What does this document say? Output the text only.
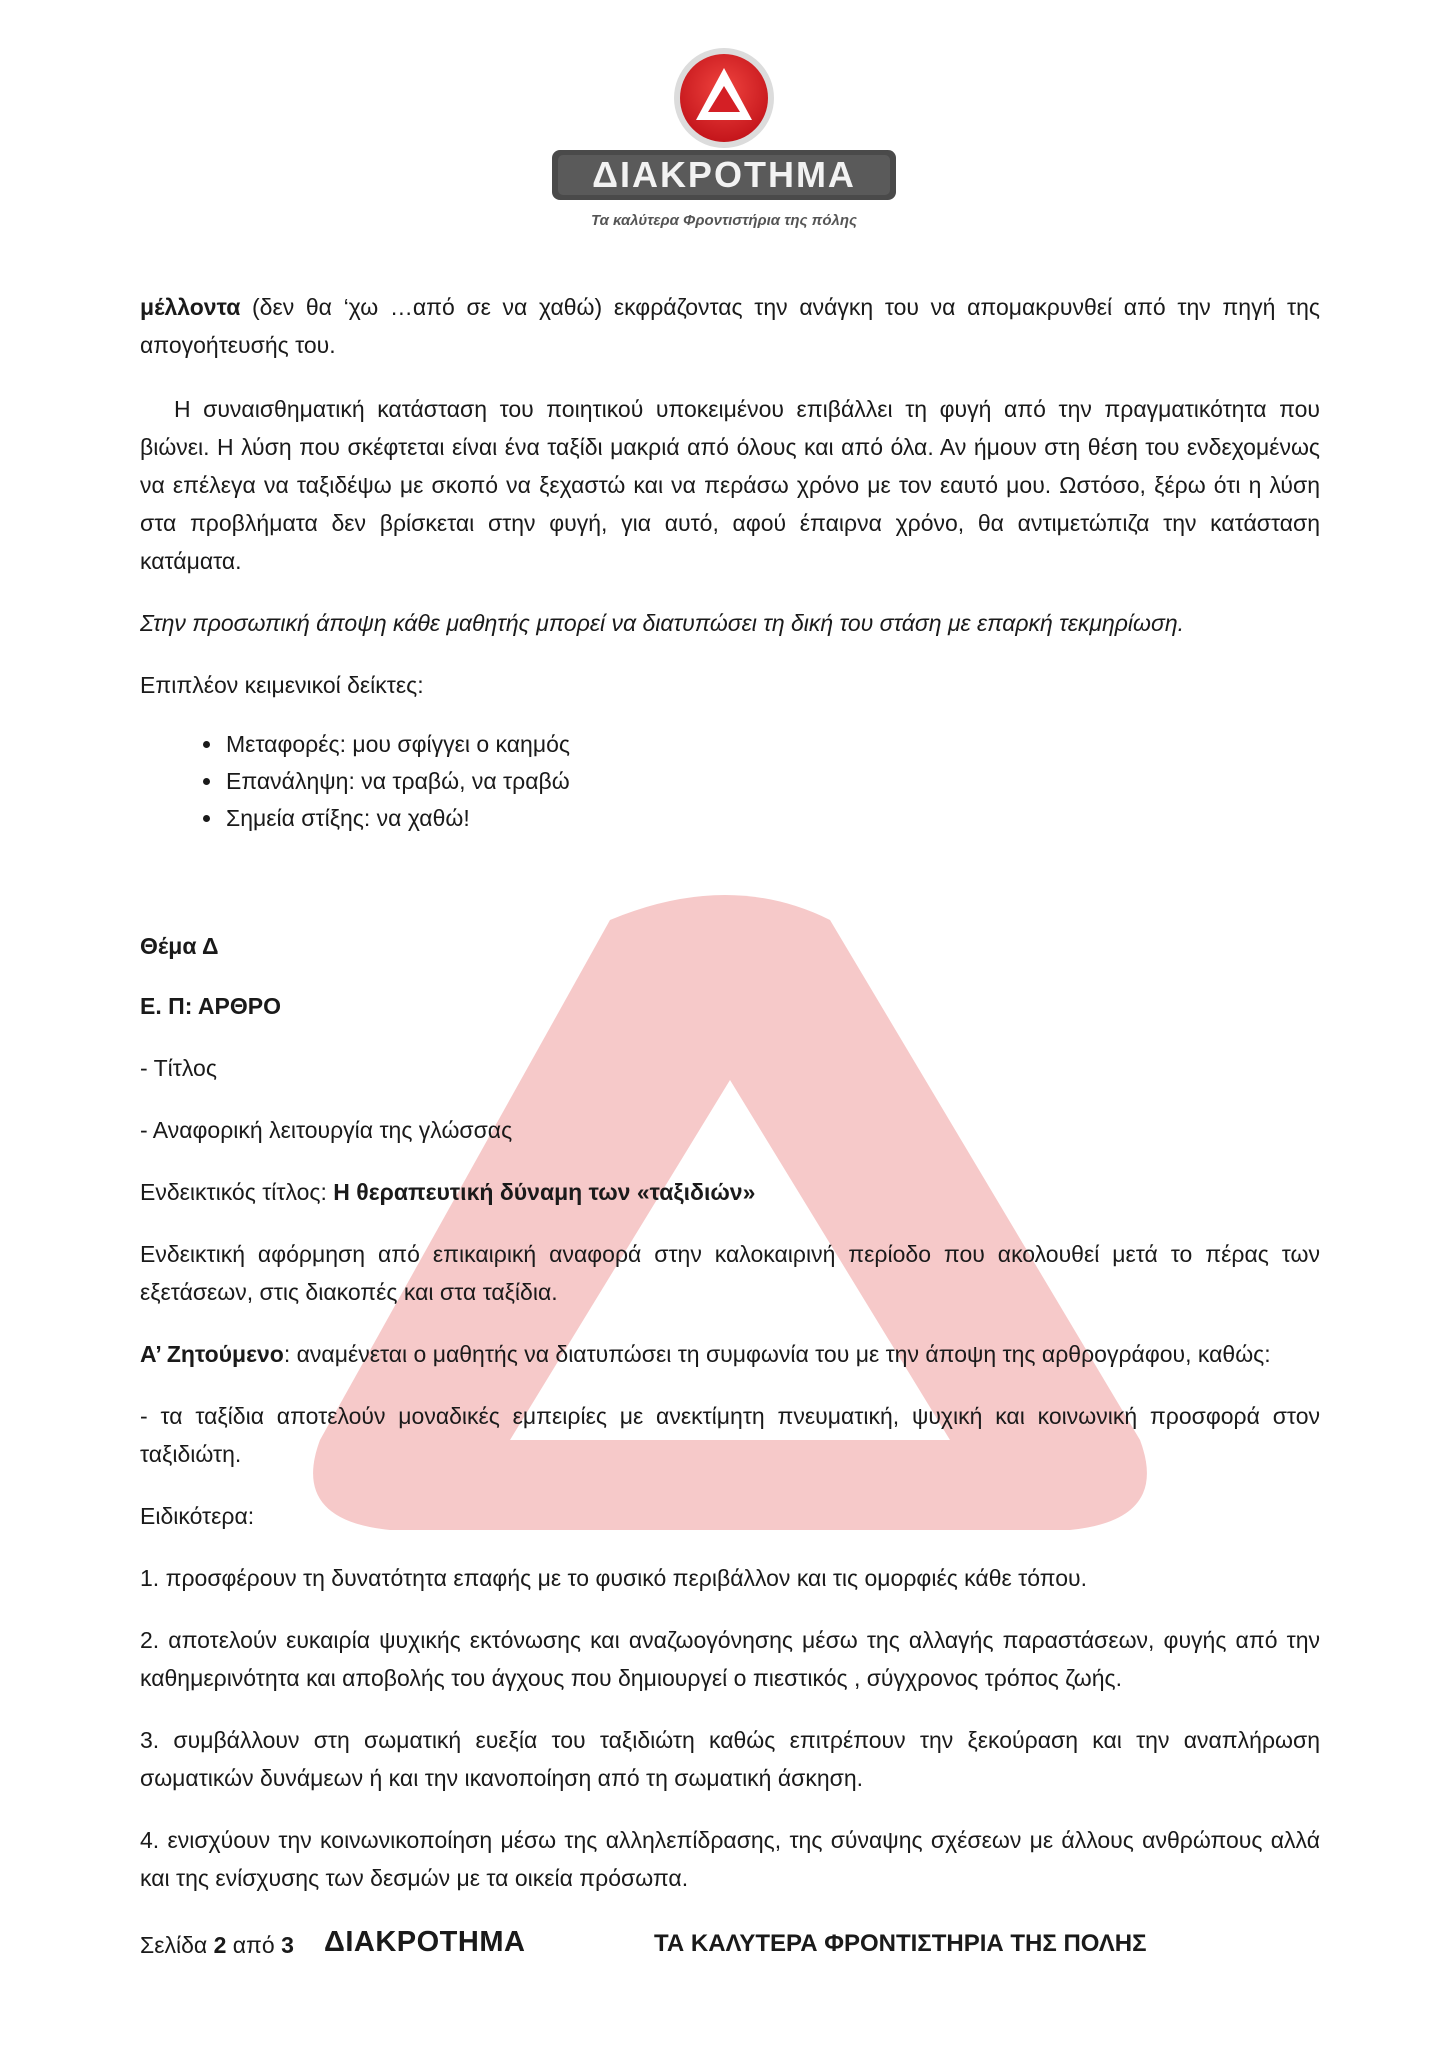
ΔΙΑΚΡΟΤΗΜΑ
Τα καλύτερα Φροντιστήρια της πόλης

μέλλοντα (δεν θα ‘χω …από σε να χαθώ) εκφράζοντας την ανάγκη του να απομακρυνθεί από την πηγή της απογοήτευσής του.

Η συναισθηματική κατάσταση του ποιητικού υποκειμένου επιβάλλει τη φυγή από την πραγματικότητα που βιώνει. Η λύση που σκέφτεται είναι ένα ταξίδι μακριά από όλους και από όλα. Αν ήμουν στη θέση του ενδεχομένως να επέλεγα να ταξιδέψω με σκοπό να ξεχαστώ και να περάσω χρόνο με τον εαυτό μου. Ωστόσο, ξέρω ότι η λύση στα προβλήματα δεν βρίσκεται στην φυγή, για αυτό, αφού έπαιρνα χρόνο, θα αντιμετώπιζα την κατάσταση κατάματα.

Στην προσωπική άποψη κάθε μαθητής μπορεί να διατυπώσει τη δική του στάση με επαρκή τεκμηρίωση.

Επιπλέον κειμενικοί δείκτες:

• Μεταφορές: μου σφίγγει ο καημός
• Επανάληψη: να τραβώ, να τραβώ
• Σημεία στίξης: να χαθώ!

Θέμα Δ

Ε. Π: ΑΡΘΡΟ

- Τίτλος

- Αναφορική λειτουργία της γλώσσας

Ενδεικτικός τίτλος: Η θεραπευτική δύναμη των «ταξιδιών»

Ενδεικτική αφόρμηση από επικαιρική αναφορά στην καλοκαιρινή περίοδο που ακολουθεί μετά το πέρας των εξετάσεων, στις διακοπές και στα ταξίδια.

Α’ Ζητούμενο: αναμένεται ο μαθητής να διατυπώσει τη συμφωνία του με την άποψη της αρθρογράφου, καθώς:

- τα ταξίδια αποτελούν μοναδικές εμπειρίες με ανεκτίμητη πνευματική, ψυχική και κοινωνική προσφορά στον ταξιδιώτη.

Ειδικότερα:

1. προσφέρουν τη δυνατότητα επαφής με το φυσικό περιβάλλον και τις ομορφιές κάθε τόπου.

2. αποτελούν ευκαιρία ψυχικής εκτόνωσης και αναζωογόνησης μέσω της αλλαγής παραστάσεων, φυγής από την καθημερινότητα και αποβολής του άγχους που δημιουργεί ο πιεστικός , σύγχρονος τρόπος ζωής.

3. συμβάλλουν στη σωματική ευεξία του ταξιδιώτη καθώς επιτρέπουν την ξεκούραση και την αναπλήρωση σωματικών δυνάμεων ή και την ικανοποίηση από τη σωματική άσκηση.

4. ενισχύουν την κοινωνικοποίηση μέσω της αλληλεπίδρασης, της σύναψης σχέσεων με άλλους ανθρώπους αλλά και της ενίσχυσης των δεσμών με τα οικεία πρόσωπα.

Σελίδα 2 από 3 ΔΙΑΚΡΟΤΗΜΑ	ΤΑ ΚΑΛΥΤΕΡΑ ΦΡΟΝΤΙΣΤΗΡΙΑ ΤΗΣ ΠΟΛΗΣ
